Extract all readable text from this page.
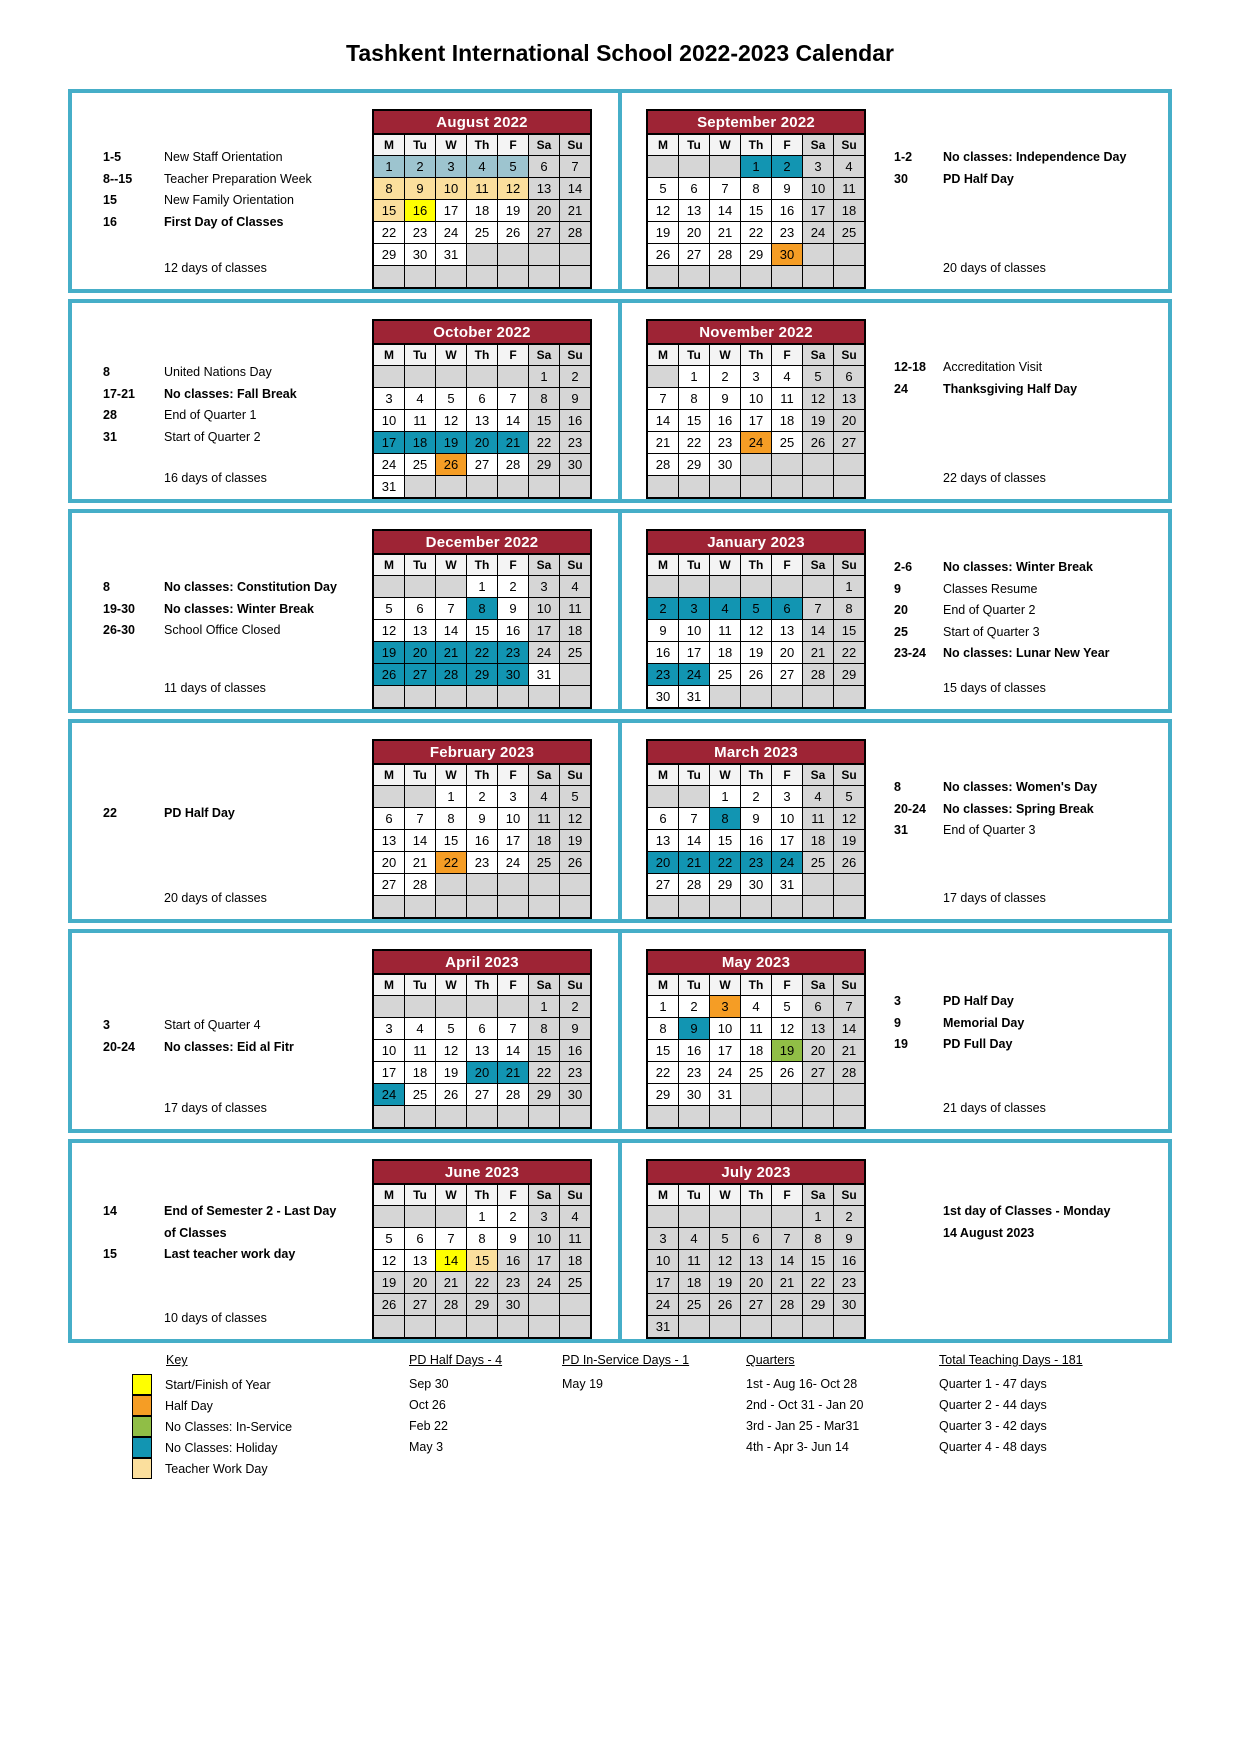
Tashkent International School 2022-2023 Calendar
1-5	New Staff Orientation
8--15	Teacher Preparation Week
15	New Family Orientation
16	First Day of Classes
12 days of classes
August 2022						
M	Tu	W	Th	F	Sa	Su
1	2	3	4	5	6	7
8	9	10	11	12	13	14
15	16	17	18	19	20	21
22	23	24	25	26	27	28
29	30	31				

September 2022						
M	Tu	W	Th	F	Sa	Su
			1	2	3	4
5	6	7	8	9	10	11
12	13	14	15	16	17	18
19	20	21	22	23	24	25
26	27	28	29	30		

1-2	No classes: Independence Day
30	PD Half Day
20 days of classes
8	United Nations Day
17-21	No classes: Fall Break
28	End of Quarter 1
31	Start of Quarter 2
16 days of classes
October 2022						
M	Tu	W	Th	F	Sa	Su
					1	2
3	4	5	6	7	8	9
10	11	12	13	14	15	16
17	18	19	20	21	22	23
24	25	26	27	28	29	30
31						
November 2022						
M	Tu	W	Th	F	Sa	Su
	1	2	3	4	5	6
7	8	9	10	11	12	13
14	15	16	17	18	19	20
21	22	23	24	25	26	27
28	29	30				

12-18	Accreditation Visit
24	Thanksgiving Half Day
22 days of classes
8	No classes: Constitution Day
19-30	No classes: Winter Break
26-30	School Office Closed
11 days of classes
December 2022						
M	Tu	W	Th	F	Sa	Su
			1	2	3	4
5	6	7	8	9	10	11
12	13	14	15	16	17	18
19	20	21	22	23	24	25
26	27	28	29	30	31	

January 2023						
M	Tu	W	Th	F	Sa	Su
						1
2	3	4	5	6	7	8
9	10	11	12	13	14	15
16	17	18	19	20	21	22
23	24	25	26	27	28	29
30	31					
2-6	No classes: Winter Break
9	Classes Resume
20	End of Quarter 2
25	Start of Quarter 3
23-24	No classes: Lunar New Year
15 days of classes
22	PD Half Day
20 days of classes
February 2023						
M	Tu	W	Th	F	Sa	Su
		1	2	3	4	5
6	7	8	9	10	11	12
13	14	15	16	17	18	19
20	21	22	23	24	25	26
27	28					

March 2023						
M	Tu	W	Th	F	Sa	Su
		1	2	3	4	5
6	7	8	9	10	11	12
13	14	15	16	17	18	19
20	21	22	23	24	25	26
27	28	29	30	31		

8	No classes: Women's Day
20-24	No classes: Spring Break
31	End of Quarter 3
17 days of classes
3	Start of Quarter 4
20-24	No classes: Eid al Fitr
17 days of classes
April 2023						
M	Tu	W	Th	F	Sa	Su
					1	2
3	4	5	6	7	8	9
10	11	12	13	14	15	16
17	18	19	20	21	22	23
24	25	26	27	28	29	30

May 2023						
M	Tu	W	Th	F	Sa	Su
1	2	3	4	5	6	7
8	9	10	11	12	13	14
15	16	17	18	19	20	21
22	23	24	25	26	27	28
29	30	31				

3	PD Half Day
9	Memorial Day
19	PD Full Day
21 days of classes
14	End of Semester 2 - Last Day
of Classes
15	Last teacher work day
10 days of classes
June 2023						
M	Tu	W	Th	F	Sa	Su
			1	2	3	4
5	6	7	8	9	10	11
12	13	14	15	16	17	18
19	20	21	22	23	24	25
26	27	28	29	30		

July 2023						
M	Tu	W	Th	F	Sa	Su
					1	2
3	4	5	6	7	8	9
10	11	12	13	14	15	16
17	18	19	20	21	22	23
24	25	26	27	28	29	30
31						
1st day of Classes - Monday
14 August 2023
Key
Start/Finish of Year
Half Day
No Classes: In-Service
No Classes: Holiday
Teacher Work Day
PD Half Days - 4
Sep 30
Oct 26
Feb 22
May 3
PD In-Service Days - 1
May 19
Quarters
1st - Aug 16- Oct 28
2nd - Oct 31 - Jan 20
3rd - Jan 25 - Mar31
4th - Apr 3- Jun 14
Total Teaching Days - 181
Quarter 1 - 47 days
Quarter 2 - 44 days
Quarter 3 - 42 days
Quarter 4 - 48 days
